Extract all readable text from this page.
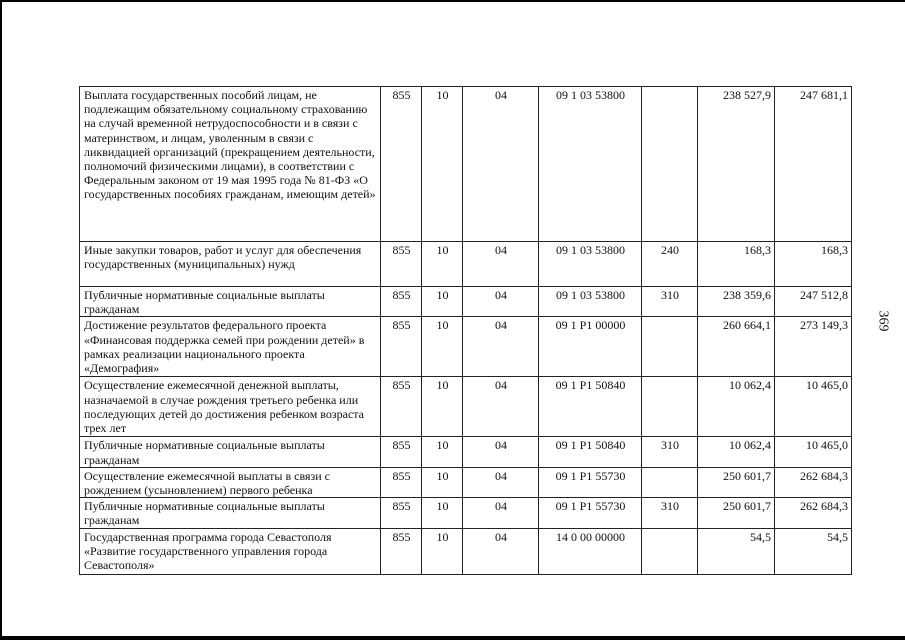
Выплата государственных пособий лицам, не подлежащим обязательному социальному страхованию на случай временной нетрудоспособности и в связи с материнством, и лицам, уволенным в связи с ликвидацией организаций (прекращением деятельности, полномочий физическими лицами), в соответствии с Федеральным законом от 19 мая 1995 года № 81-ФЗ «О государственных пособиях гражданам, имеющим детей»	855	10	04	09 1 03 53800		238 527,9	247 681,1
Иные закупки товаров, работ и услуг для обеспечения государственных (муниципальных) нужд	855	10	04	09 1 03 53800	240	168,3	168,3
Публичные нормативные социальные выплаты гражданам	855	10	04	09 1 03 53800	310	238 359,6	247 512,8
Достижение результатов федерального проекта «Финансовая поддержка семей при рождении детей» в рамках реализации национального проекта «Демография»	855	10	04	09 1 P1 00000		260 664,1	273 149,3
Осуществление ежемесячной денежной выплаты, назначаемой в случае рождения третьего ребенка или последующих детей до достижения ребенком возраста трех лет	855	10	04	09 1 P1 50840		10 062,4	10 465,0
Публичные нормативные социальные выплаты гражданам	855	10	04	09 1 P1 50840	310	10 062,4	10 465,0
Осуществление ежемесячной выплаты в связи с рождением (усыновлением) первого ребенка	855	10	04	09 1 P1 55730		250 601,7	262 684,3
Публичные нормативные социальные выплаты гражданам	855	10	04	09 1 P1 55730	310	250 601,7	262 684,3
Государственная программа города Севастополя «Развитие государственного управления города Севастополя»	855	10	04	14 0 00 00000		54,5	54,5
369
